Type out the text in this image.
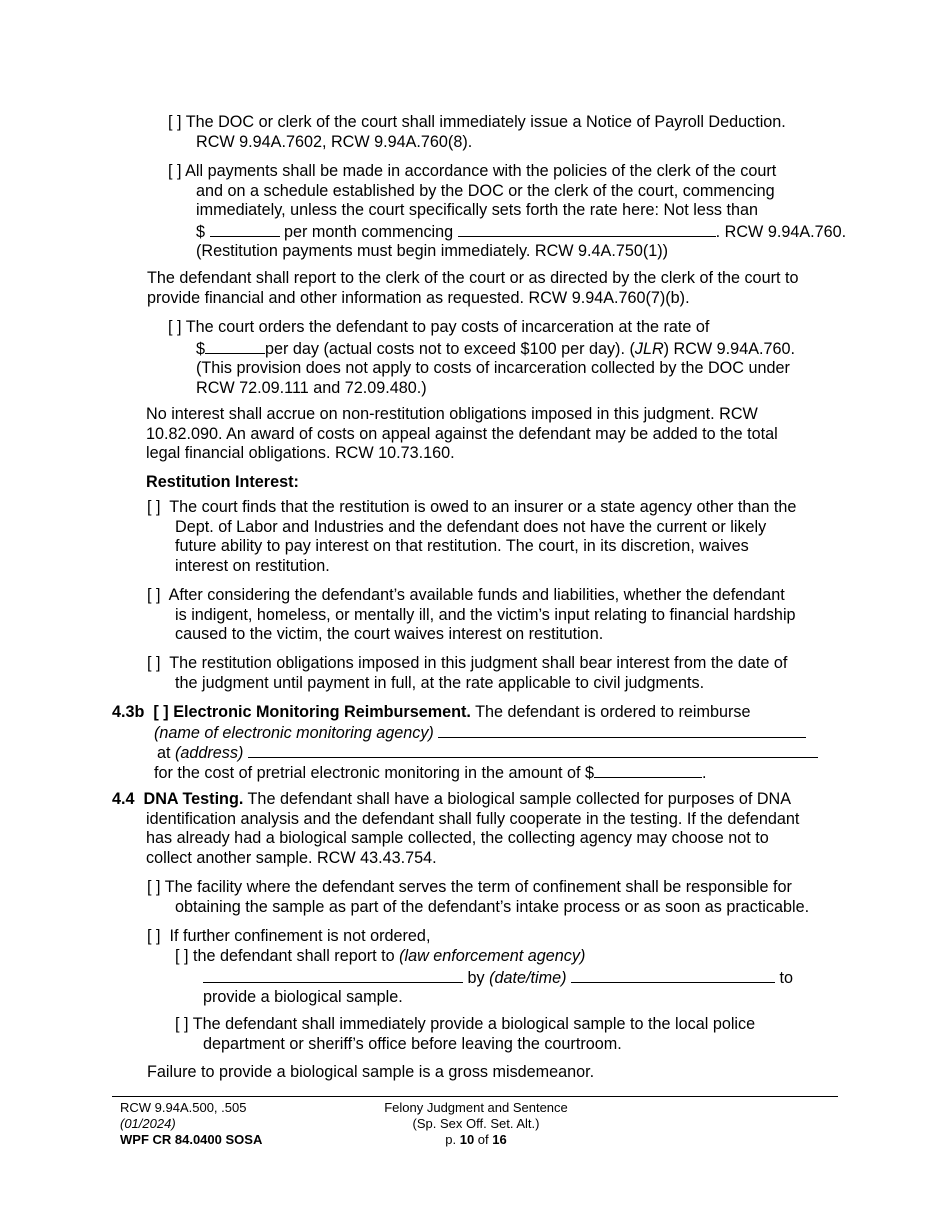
[ ] The DOC or clerk of the court shall immediately issue a Notice of Payroll Deduction.
RCW 9.94A.7602, RCW 9.94A.760(8).
[ ] All payments shall be made in accordance with the policies of the clerk of the court
and on a schedule established by the DOC or the clerk of the court, commencing
immediately, unless the court specifically sets forth the rate here: Not less than
$	per month commencing	. RCW 9.94A.760.
(Restitution payments must begin immediately. RCW 9.4A.750(1))
The defendant shall report to the clerk of the court or as directed by the clerk of the court to
provide financial and other information as requested. RCW 9.94A.760(7)(b).
[ ] The court orders the defendant to pay costs of incarceration at the rate of
$	per day (actual costs not to exceed $100 per day). (JLR) RCW 9.94A.760.
(This provision does not apply to costs of incarceration collected by the DOC under
RCW 72.09.111 and 72.09.480.)
No interest shall accrue on non-restitution obligations imposed in this judgment. RCW
10.82.090. An award of costs on appeal against the defendant may be added to the total
legal financial obligations. RCW 10.73.160.
Restitution Interest:
[ ] The court finds that the restitution is owed to an insurer or a state agency other than the
Dept. of Labor and Industries and the defendant does not have the current or likely
future ability to pay interest on that restitution. The court, in its discretion, waives
interest on restitution.
[ ] After considering the defendant’s available funds and liabilities, whether the defendant
is indigent, homeless, or mentally ill, and the victim’s input relating to financial hardship
caused to the victim, the court waives interest on restitution.
[ ] The restitution obligations imposed in this judgment shall bear interest from the date of
the judgment until payment in full, at the rate applicable to civil judgments.
4.3b [ ] Electronic Monitoring Reimbursement. The defendant is ordered to reimburse
(name of electronic monitoring agency)
at (address)
for the cost of pretrial electronic monitoring in the amount of $	.
4.4 DNA Testing. The defendant shall have a biological sample collected for purposes of DNA
identification analysis and the defendant shall fully cooperate in the testing. If the defendant
has already had a biological sample collected, the collecting agency may choose not to
collect another sample. RCW 43.43.754.
[ ] The facility where the defendant serves the term of confinement shall be responsible for
obtaining the sample as part of the defendant’s intake process or as soon as practicable.
[ ] If further confinement is not ordered,
[ ] the defendant shall report to (law enforcement agency)
by (date/time)	to
provide a biological sample.
[ ] The defendant shall immediately provide a biological sample to the local police
department or sheriff’s office before leaving the courtroom.
Failure to provide a biological sample is a gross misdemeanor.
RCW 9.94A.500, .505
(01/2024)
WPF CR 84.0400 SOSA
Felony Judgment and Sentence
(Sp. Sex Off. Set. Alt.)
p. 10 of 16
